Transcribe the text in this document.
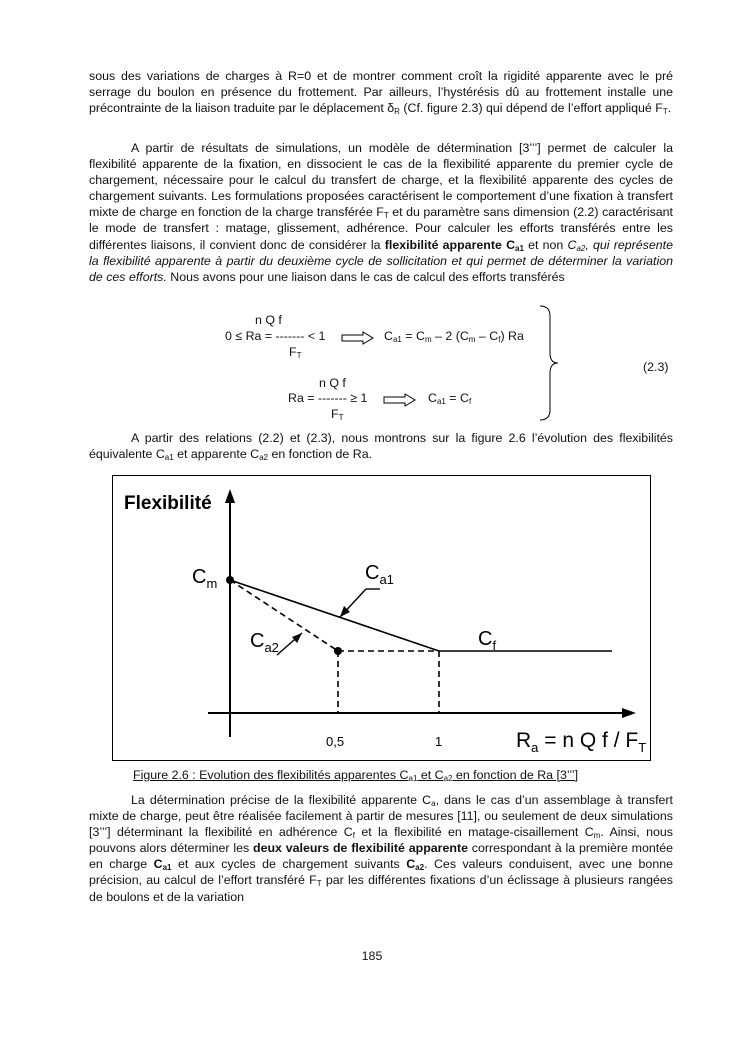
sous des variations de charges à R=0 et de montrer comment croît la rigidité apparente avec le pré serrage du boulon en présence du frottement. Par ailleurs, l’hystérésis dû au frottement installe une précontrainte de la liaison traduite par le déplacement $\delta_R$ (Cf. figure 2.3) qui dépend de l’effort appliqué $F_T$.

A partir de résultats de simulations, un modèle de détermination [3’’’] permet de calculer la flexibilité apparente de la fixation, en dissocient le cas de la flexibilité apparente du premier cycle de chargement, nécessaire pour le calcul du transfert de charge, et la flexibilité apparente des cycles de chargement suivants. Les formulations proposées caractérisent le comportement d’une fixation à transfert mixte de charge en fonction de la charge transférée $F_T$ et du paramètre sans dimension (2.2) caractérisant le mode de transfert : matage, glissement, adhérence. Pour calculer les efforts transférés entre les différentes liaisons, il convient donc de considérer la flexibilité apparente $C_{a1}$ et non $C_{a2}$, qui représente la flexibilité apparente à partir du deuxième cycle de sollicitation et qui permet de déterminer la variation de ces efforts. Nous avons pour une liaison dans le cas de calcul des efforts transférés

n Q f
0 ≤ Ra = ------- < 1
$F_T$
$C_{a1} = C_m - 2$ $(C_m - C_f)$ Ra
n Q f
Ra = ------- ≥ 1
$F_T$
$C_{a1} = C_f$
(2.3)

A partir des relations (2.2) et (2.3), nous montrons sur la figure 2.6 l’évolution des flexibilités équivalente $C_{a1}$ et apparente $C_{a2}$ en fonction de Ra.

Flexibilité
$C_m$	$C_{a1}$
$C_{a2}$	$C_f$
0,5	1	$R_a = n$ Q f / $F_T$
Figure 2.6 : Evolution des flexibilités apparentes $C_{a1}$ et $C_{a2}$ en fonction de Ra [3’’’]

La détermination précise de la flexibilité apparente $C_a$, dans le cas d’un assemblage à transfert mixte de charge, peut être réalisée facilement à partir de mesures [11], ou seulement de deux simulations [3’’’] déterminant la flexibilité en adhérence $C_f$ et la flexibilité en matage-cisaillement $C_m$. Ainsi, nous pouvons alors déterminer les deux valeurs de flexibilité apparente correspondant à la première montée en charge $C_{a1}$ et aux cycles de chargement suivants $C_{a2}$. Ces valeurs conduisent, avec une bonne précision, au calcul de l’effort transféré $F_T$ par les différentes fixations d’un éclissage à plusieurs rangées de boulons et de la variation

185
